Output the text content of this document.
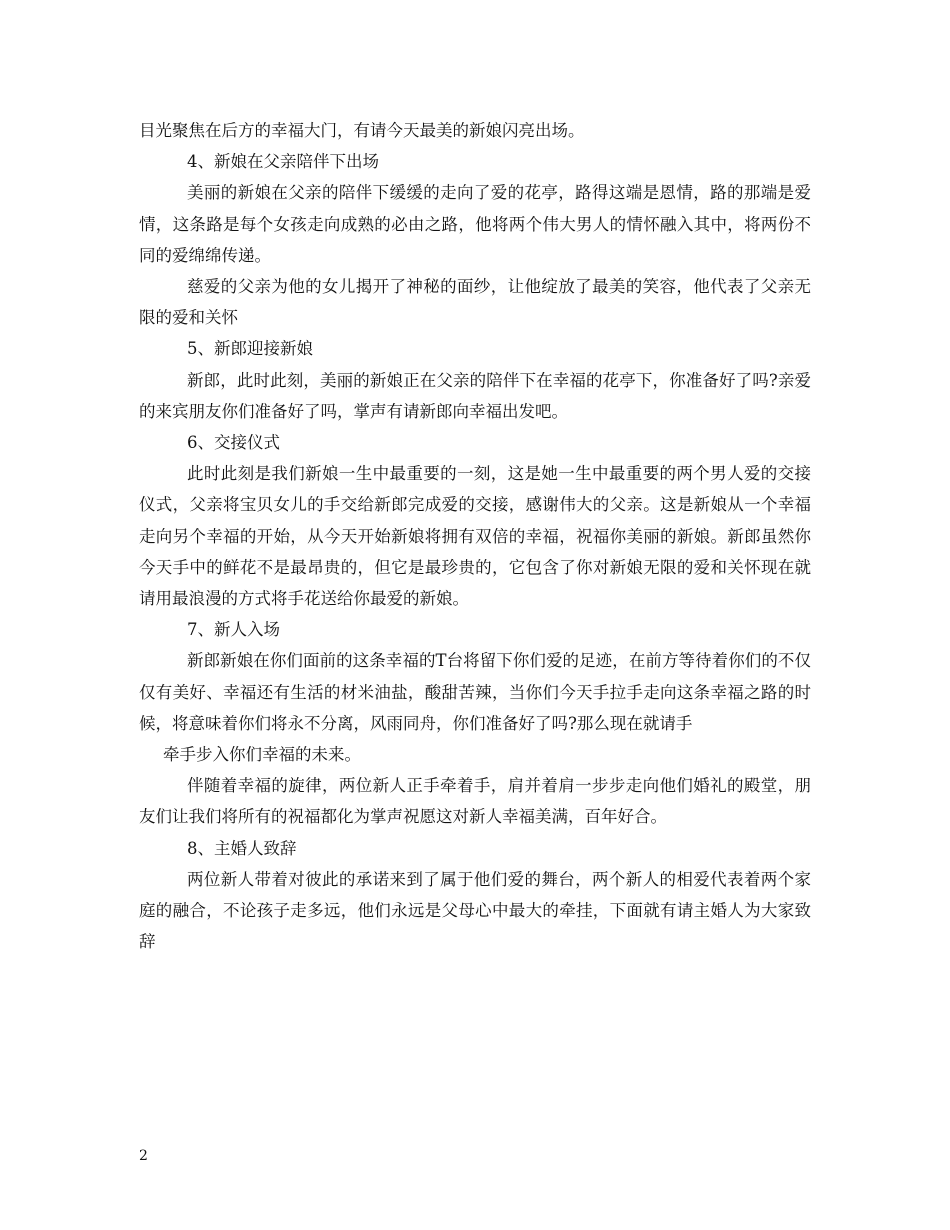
目光聚焦在后方的幸福大门，有请今天最美的新娘闪亮出场。

4、新娘在父亲陪伴下出场

美丽的新娘在父亲的陪伴下缓缓的走向了爱的花亭，路得这端是恩情，路的那端是爱情，这条路是每个女孩走向成熟的必由之路，他将两个伟大男人的情怀融入其中，将两份不同的爱绵绵传递。

慈爱的父亲为他的女儿揭开了神秘的面纱，让他绽放了最美的笑容，他代表了父亲无限的爱和关怀

5、新郎迎接新娘

新郎，此时此刻，美丽的新娘正在父亲的陪伴下在幸福的花亭下，你准备好了吗?亲爱的来宾朋友你们准备好了吗，掌声有请新郎向幸福出发吧。

6、交接仪式

此时此刻是我们新娘一生中最重要的一刻，这是她一生中最重要的两个男人爱的交接仪式，父亲将宝贝女儿的手交给新郎完成爱的交接，感谢伟大的父亲。这是新娘从一个幸福走向另个幸福的开始，从今天开始新娘将拥有双倍的幸福，祝福你美丽的新娘。新郎虽然你今天手中的鲜花不是最昂贵的，但它是最珍贵的，它包含了你对新娘无限的爱和关怀现在就请用最浪漫的方式将手花送给你最爱的新娘。

7、新人入场

新郎新娘在你们面前的这条幸福的T台将留下你们爱的足迹，在前方等待着你们的不仅仅有美好、幸福还有生活的材米油盐，酸甜苦辣，当你们今天手拉手走向这条幸福之路的时候，将意味着你们将永不分离，风雨同舟，你们准备好了吗?那么现在就请手

牵手步入你们幸福的未来。

伴随着幸福的旋律，两位新人正手牵着手，肩并着肩一步步走向他们婚礼的殿堂，朋友们让我们将所有的祝福都化为掌声祝愿这对新人幸福美满，百年好合。

8、主婚人致辞

两位新人带着对彼此的承诺来到了属于他们爱的舞台，两个新人的相爱代表着两个家庭的融合，不论孩子走多远，他们永远是父母心中最大的牵挂，下面就有请主婚人为大家致辞

2
